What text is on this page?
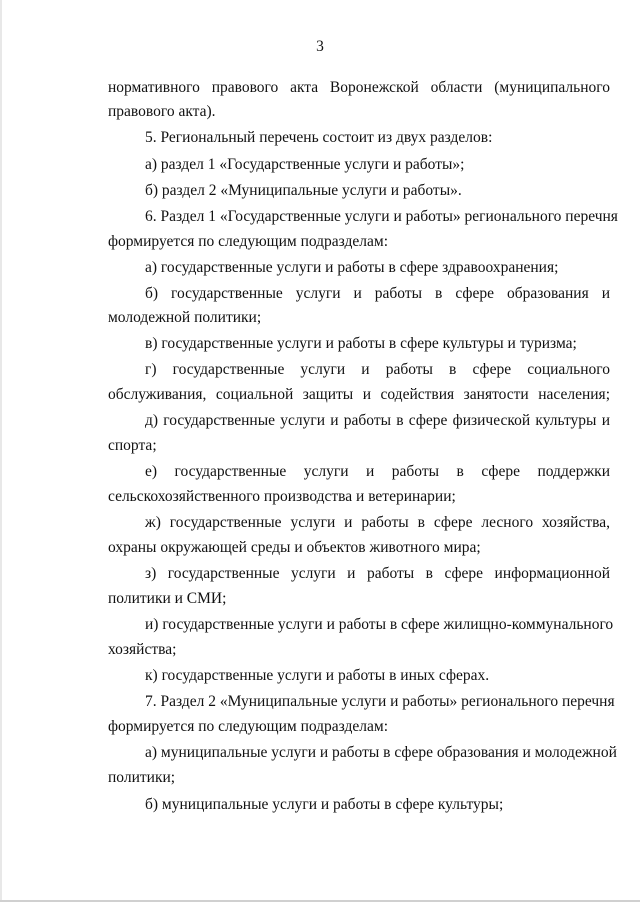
3
нормативного правового акта Воронежской области (муниципального
правового акта).
5. Региональный перечень состоит из двух разделов:
а) раздел 1 «Государственные услуги и работы»;
б) раздел 2 «Муниципальные услуги и работы».
6. Раздел 1 «Государственные услуги и работы» регионального перечня
формируется по следующим подразделам:
а) государственные услуги и работы в сфере здравоохранения;
б) государственные услуги и работы в сфере образования и
молодежной политики;
в) государственные услуги и работы в сфере культуры и туризма;
г) государственные услуги и работы в сфере социального
обслуживания, социальной защиты и содействия занятости населения;
д) государственные услуги и работы в сфере физической культуры и
спорта;
е) государственные услуги и работы в сфере поддержки
сельскохозяйственного производства и ветеринарии;
ж) государственные услуги и работы в сфере лесного хозяйства,
охраны окружающей среды и объектов животного мира;
з) государственные услуги и работы в сфере информационной
политики и СМИ;
и) государственные услуги и работы в сфере жилищно-коммунального
хозяйства;
к) государственные услуги и работы в иных сферах.
7. Раздел 2 «Муниципальные услуги и работы» регионального перечня
формируется по следующим подразделам:
а) муниципальные услуги и работы в сфере образования и молодежной
политики;
б) муниципальные услуги и работы в сфере культуры;
